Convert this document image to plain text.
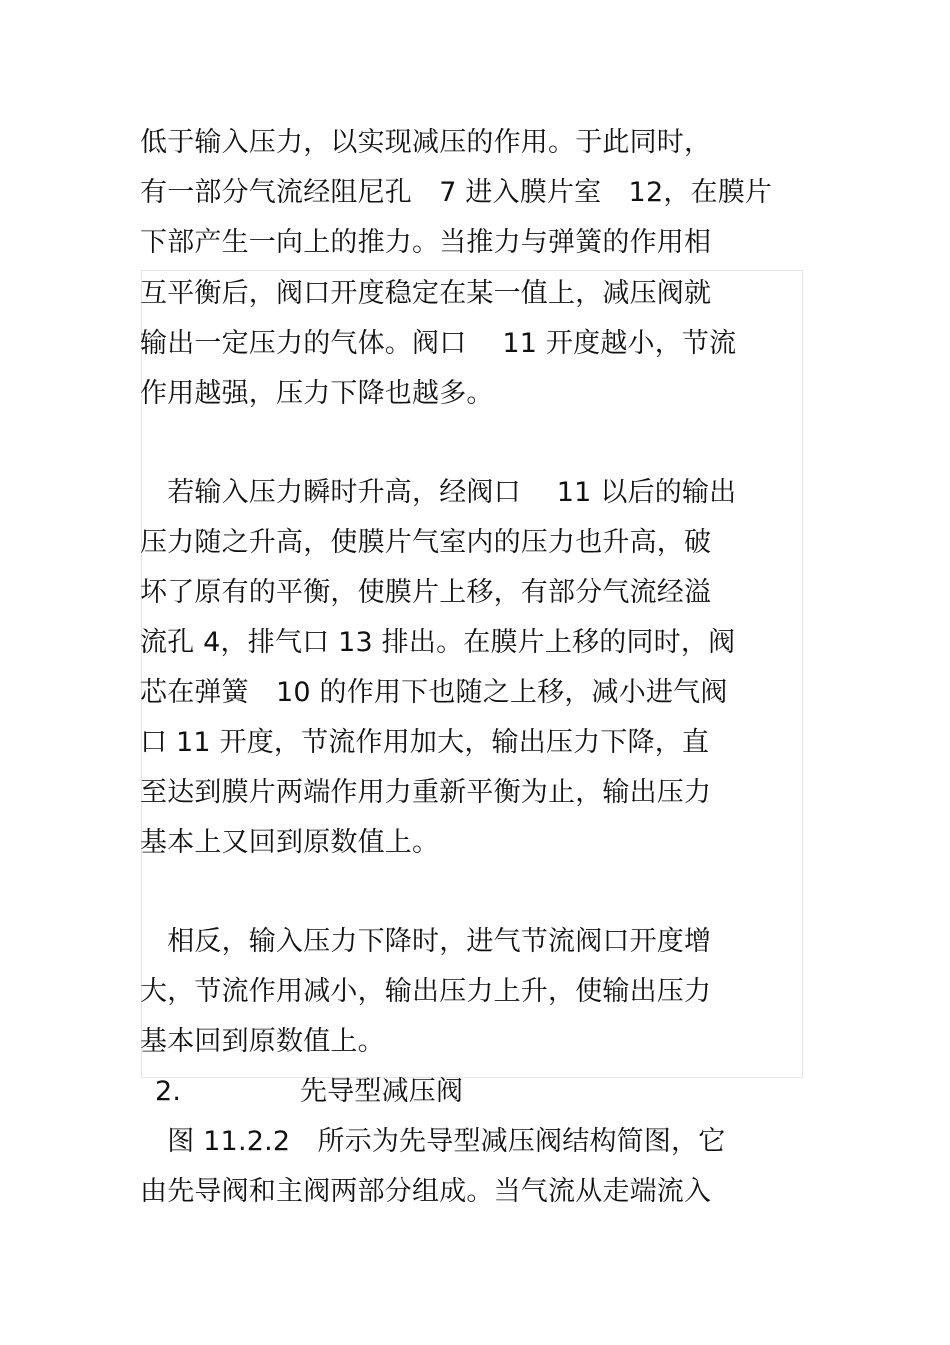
低于输入压力，以实现减压的作用。于此同时，
有一部分气流经阻尼孔　7 进入膜片室　12，在膜片
下部产生一向上的推力。当推力与弹簧的作用相
互平衡后，阀口开度稳定在某一值上，减压阀就
输出一定压力的气体。阀口　 11 开度越小，节流
作用越强，压力下降也越多。
　若输入压力瞬时升高，经阀口　 11 以后的输出
压力随之升高，使膜片气室内的压力也升高，破
坏了原有的平衡，使膜片上移，有部分气流经溢
流孔 4，排气口 13 排出。在膜片上移的同时，阀
芯在弹簧　10 的作用下也随之上移，减小进气阀
口 11 开度，节流作用加大，输出压力下降，直
至达到膜片两端作用力重新平衡为止，输出压力
基本上又回到原数值上。
　相反，输入压力下降时，进气节流阀口开度增
大，节流作用减小，输出压力上升，使输出压力
基本回到原数值上。
2.	先导型减压阀
　图 11.2.2　所示为先导型减压阀结构简图，它
由先导阀和主阀两部分组成。当气流从走端流入
